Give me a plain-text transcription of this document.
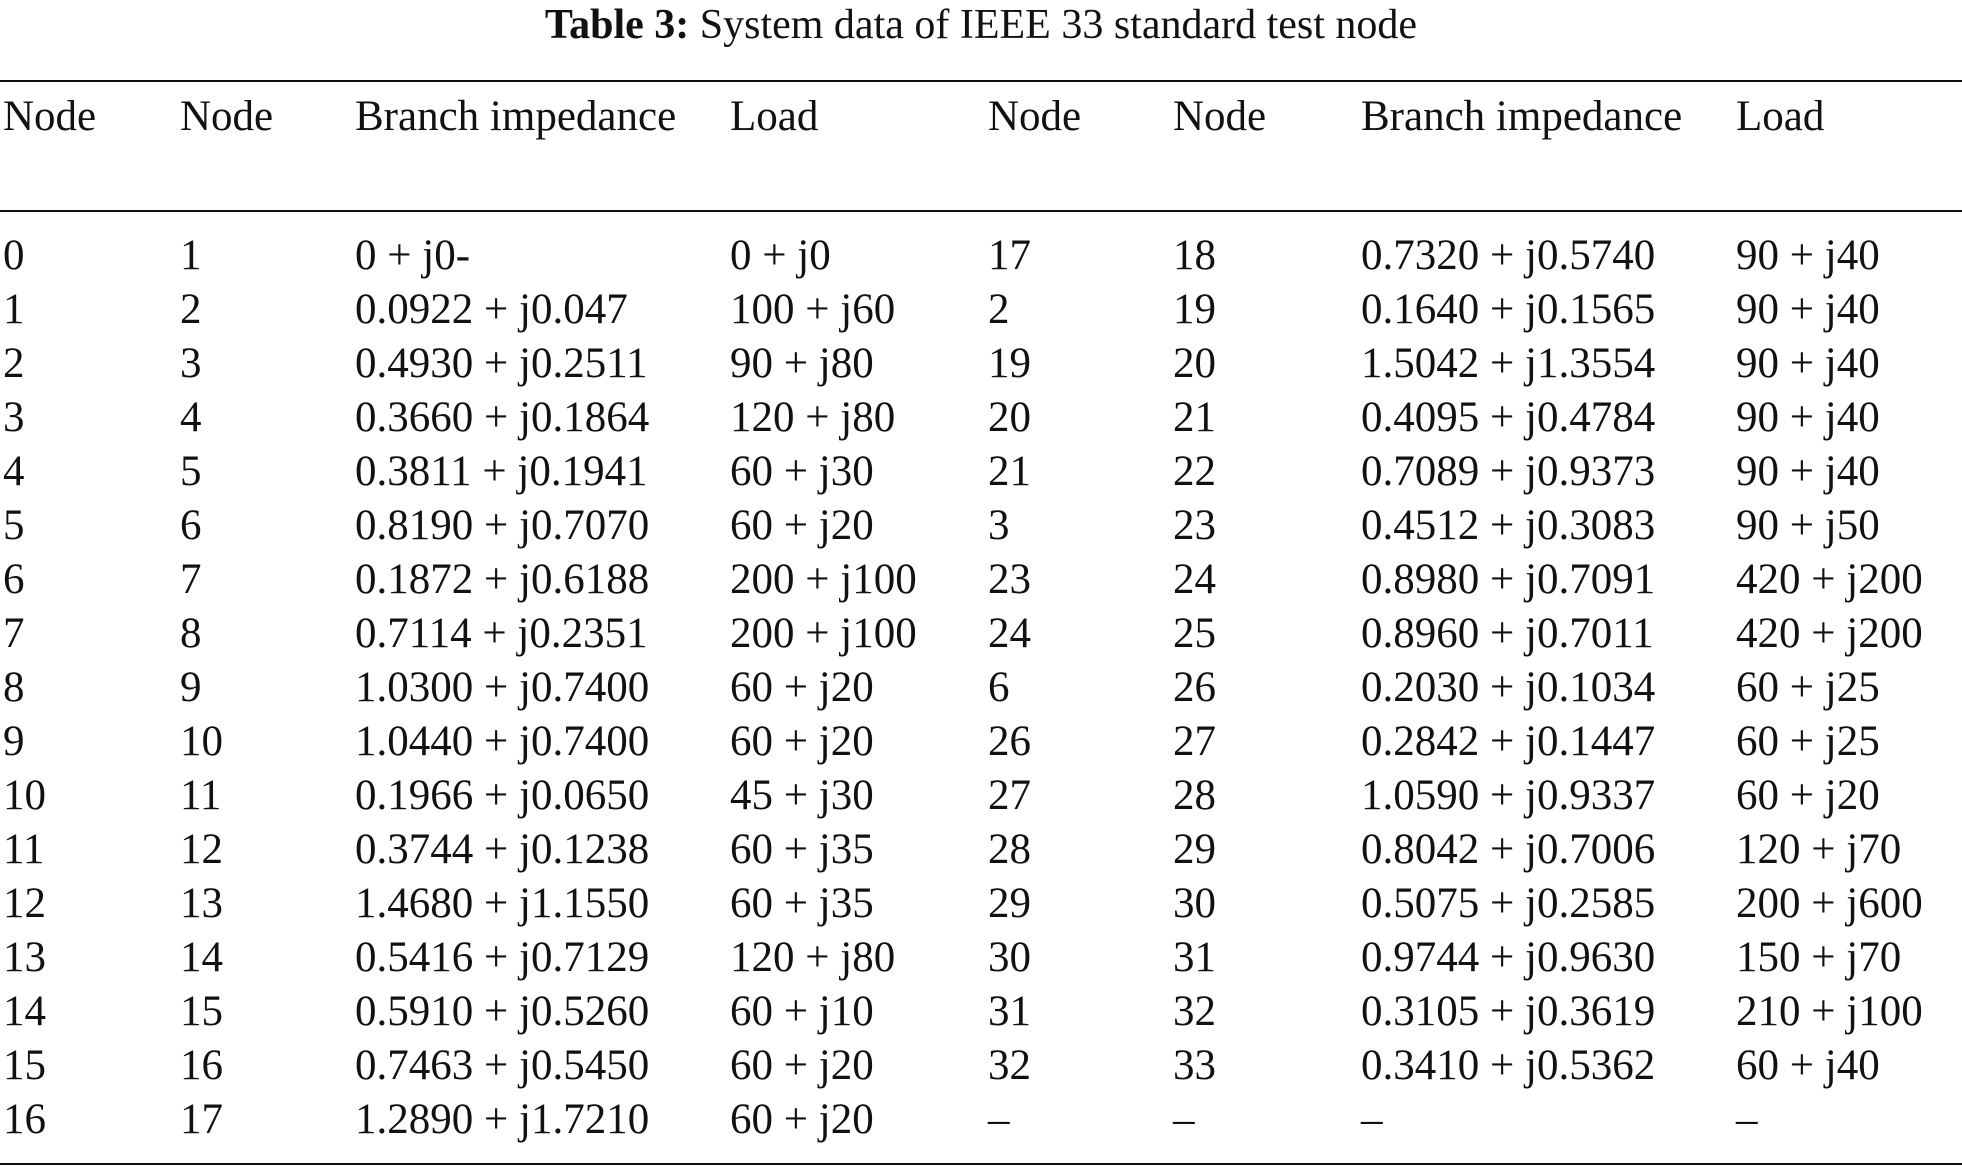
Table 3: System data of IEEE 33 standard test node
Node	Node	Branch impedance	Load	Node	Node	Branch impedance	Load
0	1	0 + j0-	0 + j0	17	18	0.7320 + j0.5740	90 + j40
1	2	0.0922 + j0.047	100 + j60	2	19	0.1640 + j0.1565	90 + j40
2	3	0.4930 + j0.2511	90 + j80	19	20	1.5042 + j1.3554	90 + j40
3	4	0.3660 + j0.1864	120 + j80	20	21	0.4095 + j0.4784	90 + j40
4	5	0.3811 + j0.1941	60 + j30	21	22	0.7089 + j0.9373	90 + j40
5	6	0.8190 + j0.7070	60 + j20	3	23	0.4512 + j0.3083	90 + j50
6	7	0.1872 + j0.6188	200 + j100	23	24	0.8980 + j0.7091	420 + j200
7	8	0.7114 + j0.2351	200 + j100	24	25	0.8960 + j0.7011	420 + j200
8	9	1.0300 + j0.7400	60 + j20	6	26	0.2030 + j0.1034	60 + j25
9	10	1.0440 + j0.7400	60 + j20	26	27	0.2842 + j0.1447	60 + j25
10	11	0.1966 + j0.0650	45 + j30	27	28	1.0590 + j0.9337	60 + j20
11	12	0.3744 + j0.1238	60 + j35	28	29	0.8042 + j0.7006	120 + j70
12	13	1.4680 + j1.1550	60 + j35	29	30	0.5075 + j0.2585	200 + j600
13	14	0.5416 + j0.7129	120 + j80	30	31	0.9744 + j0.9630	150 + j70
14	15	0.5910 + j0.5260	60 + j10	31	32	0.3105 + j0.3619	210 + j100
15	16	0.7463 + j0.5450	60 + j20	32	33	0.3410 + j0.5362	60 + j40
16	17	1.2890 + j1.7210	60 + j20	–	–	–	–
